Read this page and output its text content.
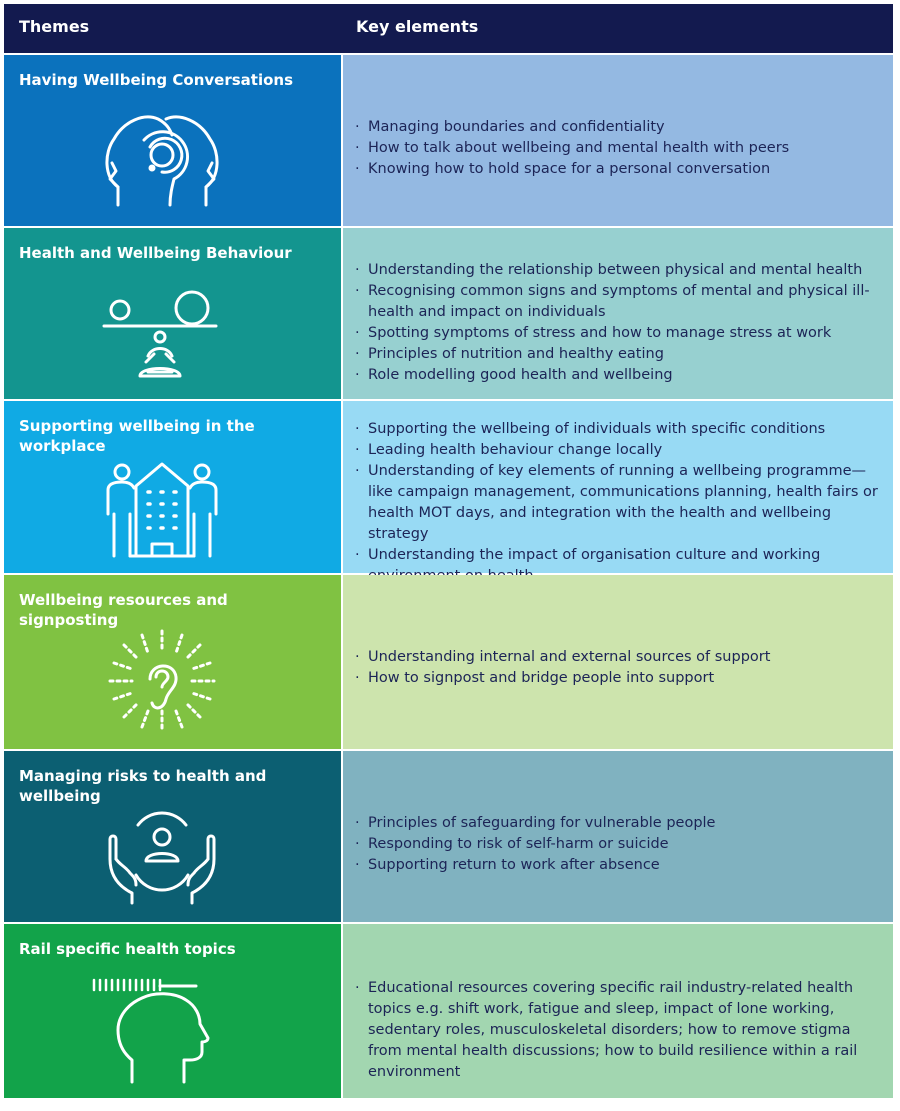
Themes	Key elements
Having Wellbeing Conversations
· Managing boundaries and confidentiality
· How to talk about wellbeing and mental health with peers
· Knowing how to hold space for a personal conversation
Health and Wellbeing Behaviour
· Understanding the relationship between physical and mental health
· Recognising common signs and symptoms of mental and physical ill-health and impact on individuals
· Spotting symptoms of stress and how to manage stress at work
· Principles of nutrition and healthy eating
· Role modelling good health and wellbeing
Supporting wellbeing in the workplace
· Supporting the wellbeing of individuals with specific conditions
· Leading health behaviour change locally
· Understanding of key elements of running a wellbeing programme—like campaign management, communications planning, health fairs or health MOT days, and integration with the health and wellbeing strategy
· Understanding the impact of organisation culture and working
Wellbeing resources and signposting
· Understanding internal and external sources of support
· How to signpost and bridge people into support
Managing risks to health and wellbeing
· Principles of safeguarding for vulnerable people
· Responding to risk of self-harm or suicide
· Supporting return to work after absence
Rail specific health topics
· Educational resources covering specific rail industry-related health topics e.g. shift work, fatigue and sleep, impact of lone working, sedentary roles, musculoskeletal disorders; how to remove stigma from mental health discussions; how to build resilience within a rail environment
